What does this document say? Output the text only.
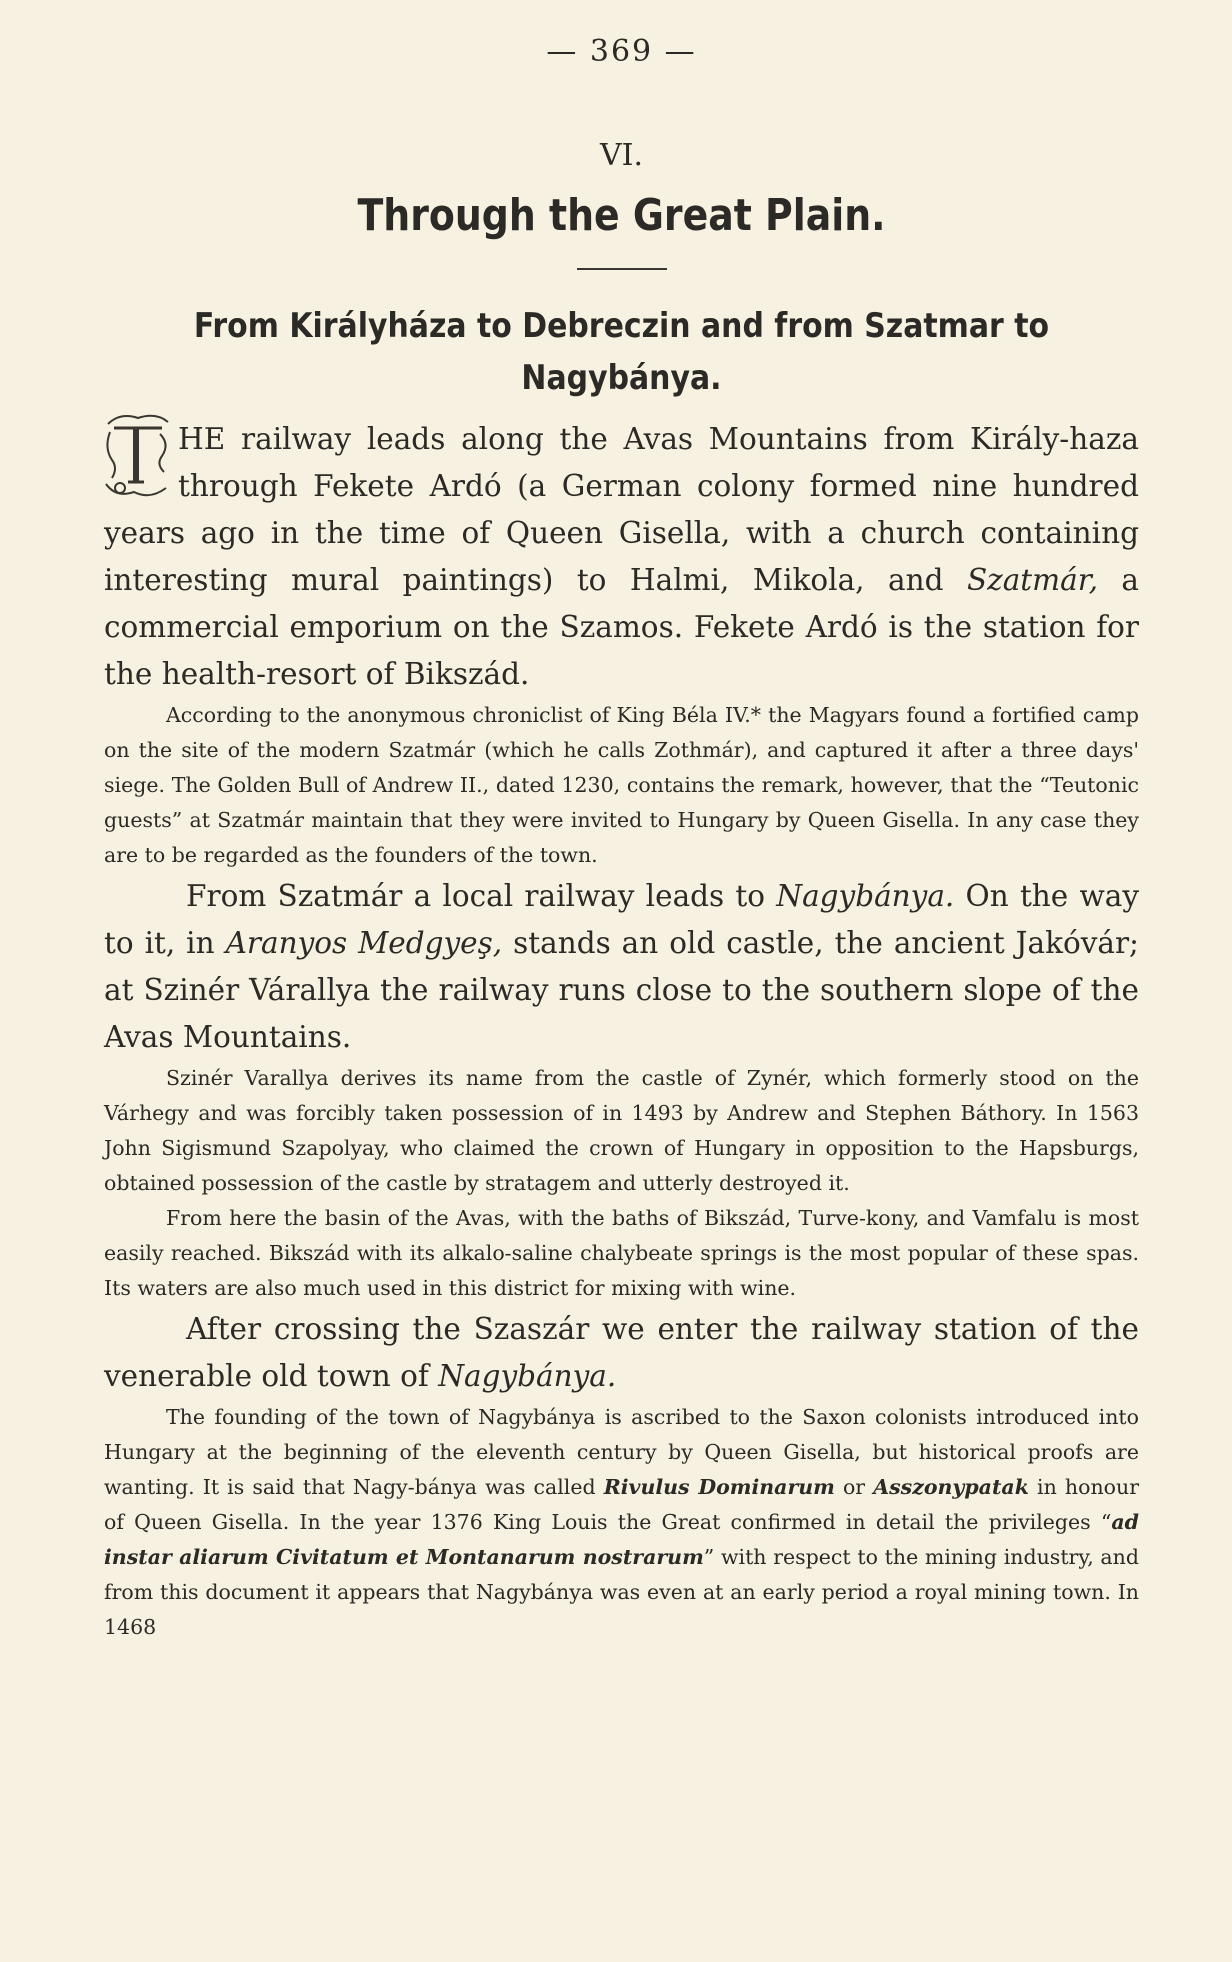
— 369 —
VI.
Through the Great Plain.
From Királyháza to Debreczin and from Szatmar to
Nagybánya.

T
HE railway leads along the Avas Mountains from Király-haza through Fekete Ardó (a German colony formed nine hundred years ago in the time of Queen Gisella, with a church containing interesting mural paintings) to Halmi, Mikola, and Szatmár, a commercial emporium on the Szamos. Fekete Ardó is the station for the health-resort of Bikszád.

According to the anonymous chroniclist of King Béla IV.* the Magyars found a fortified camp on the site of the modern Szatmár (which he calls Zothmár), and captured it after a three days' siege. The Golden Bull of Andrew II., dated 1230, contains the remark, however, that the “Teutonic guests” at Szatmár maintain that they were invited to Hungary by Queen Gisella. In any case they are to be regarded as the founders of the town.

From Szatmár a local railway leads to Nagybánya. On the way to it, in Aranyos Medgyeş, stands an old castle, the ancient Jakóvár; at Szinér Várallya the railway runs close to the southern slope of the Avas Mountains.

Szinér Varallya derives its name from the castle of Zynér, which formerly stood on the Várhegy and was forcibly taken possession of in 1493 by Andrew and Stephen Báthory. In 1563 John Sigismund Szapolyay, who claimed the crown of Hungary in opposition to the Hapsburgs, obtained possession of the castle by stratagem and utterly destroyed it.

From here the basin of the Avas, with the baths of Bikszád, Turve-kony, and Vamfalu is most easily reached. Bikszád with its alkalo-saline chalybeate springs is the most popular of these spas. Its waters are also much used in this district for mixing with wine.

After crossing the Szaszár we enter the railway station of the venerable old town of Nagybánya.

The founding of the town of Nagybánya is ascribed to the Saxon colonists introduced into Hungary at the beginning of the eleventh century by Queen Gisella, but historical proofs are wanting. It is said that Nagy-bánya was called Rivulus Dominarum or Asszonypatak in honour of Queen Gisella. In the year 1376 King Louis the Great confirmed in detail the privileges “ad instar aliarum Civitatum et Montanarum nostrarum” with respect to the mining industry, and from this document it appears that Nagybánya was even at an early period a royal mining town. In 1468
